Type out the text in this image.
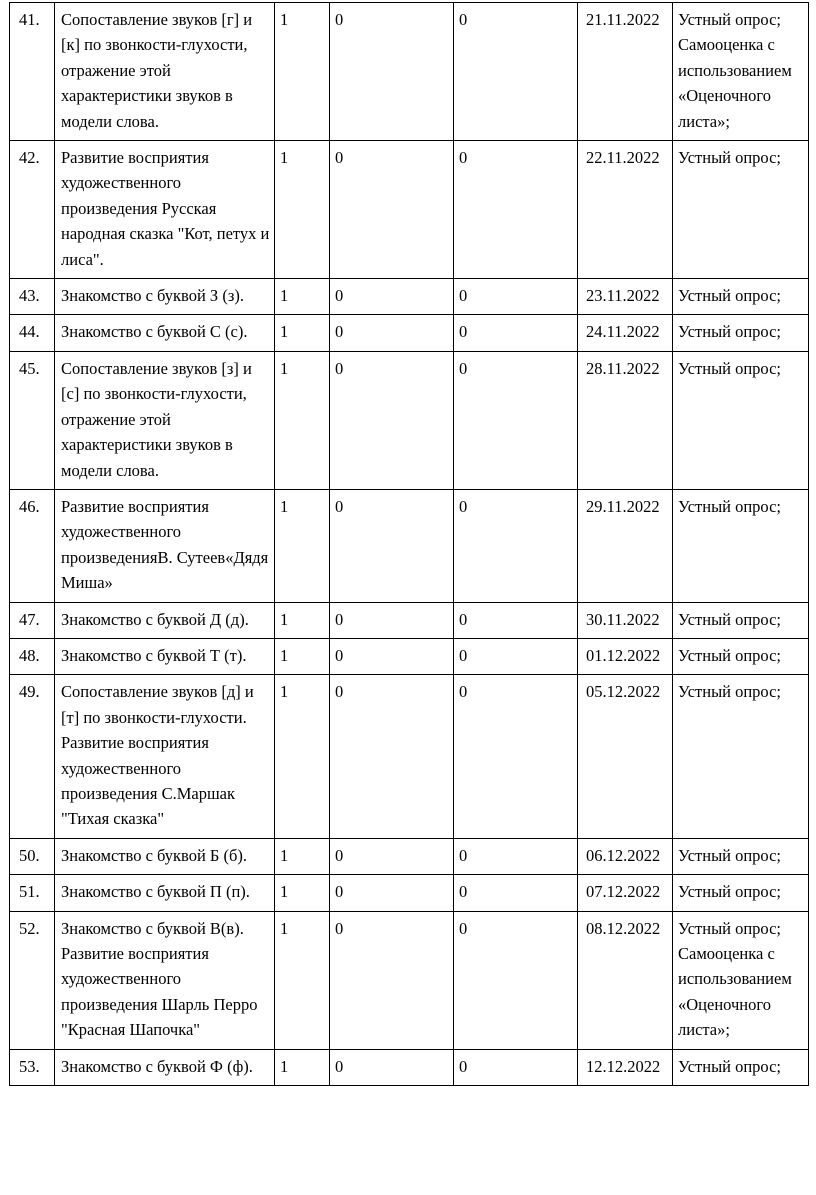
41.	Сопоставление звуков [г] и [к] по звонкости-глухости, отражение этой характеристики звуков в модели слова.	1	0	0	21.11.2022	Устный опрос; Самооценка с использованием «Оценочного листа»;
42.	Развитие восприятия художественного произведения Русская народная сказка "Кот, петух и лиса".	1	0	0	22.11.2022	Устный опрос;
43.	Знакомство с буквой З (з).	1	0	0	23.11.2022	Устный опрос;
44.	Знакомство с буквой С (с).	1	0	0	24.11.2022	Устный опрос;
45.	Сопоставление звуков [з] и [с] по звонкости-глухости, отражение этой характеристики звуков в модели слова.	1	0	0	28.11.2022	Устный опрос;
46.	Развитие восприятия художественного произведенияВ. Сутеев«Дядя Миша»	1	0	0	29.11.2022	Устный опрос;
47.	Знакомство с буквой Д (д).	1	0	0	30.11.2022	Устный опрос;
48.	Знакомство с буквой Т (т).	1	0	0	01.12.2022	Устный опрос;
49.	Сопоставление звуков [д] и [т] по звонкости-глухости. Развитие восприятия художественного произведения С.Маршак "Тихая сказка"	1	0	0	05.12.2022	Устный опрос;
50.	Знакомство с буквой Б (б).	1	0	0	06.12.2022	Устный опрос;
51.	Знакомство с буквой П (п).	1	0	0	07.12.2022	Устный опрос;
52.	Знакомство с буквой В(в). Развитие восприятия художественного произведения Шарль Перро "Красная Шапочка"	1	0	0	08.12.2022	Устный опрос; Самооценка с использованием «Оценочного листа»;
53.	Знакомство с буквой Ф (ф).	1	0	0	12.12.2022	Устный опрос;
